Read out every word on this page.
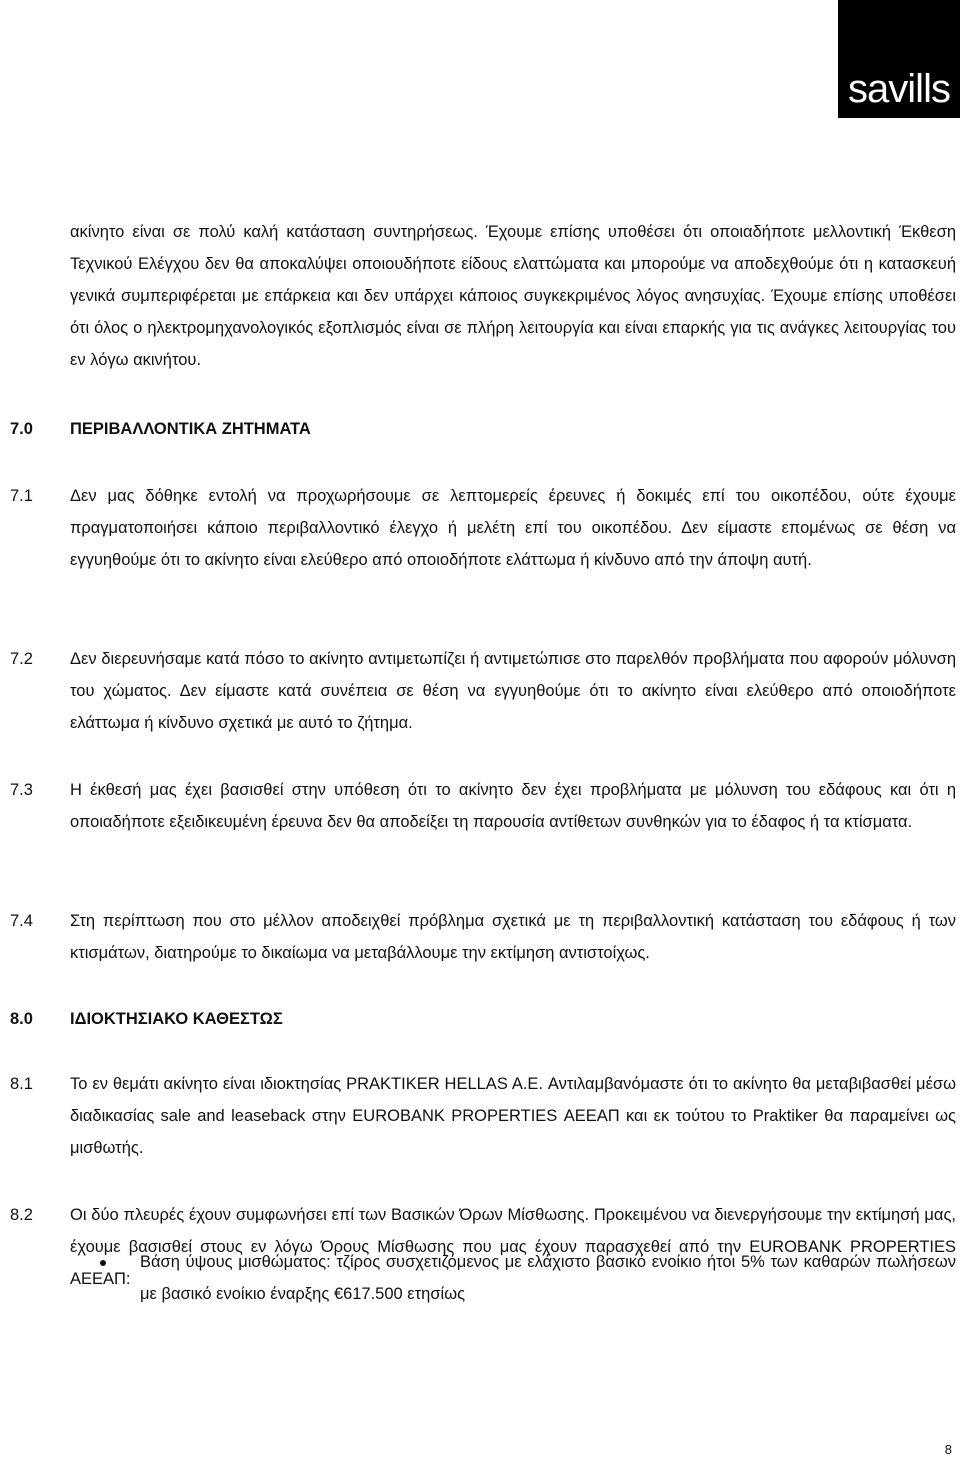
savills

ακίνητο είναι σε πολύ καλή κατάσταση συντηρήσεως. Έχουμε επίσης υποθέσει ότι οποιαδήποτε μελλοντική Έκθεση Τεχνικού Ελέγχου δεν θα αποκαλύψει οποιουδήποτε είδους ελαττώματα και μπορούμε να αποδεχθούμε ότι η κατασκευή γενικά συμπεριφέρεται με επάρκεια και δεν υπάρχει κάποιος συγκεκριμένος λόγος ανησυχίας. Έχουμε επίσης υποθέσει ότι όλος ο ηλεκτρομηχανολογικός εξοπλισμός είναι σε πλήρη λειτουργία και είναι επαρκής για τις ανάγκες λειτουργίας του εν λόγω ακινήτου.

7.0 ΠΕΡΙΒΑΛΛΟΝΤΙΚΑ ΖΗΤΗΜΑΤΑ
7.1 Δεν μας δόθηκε εντολή να προχωρήσουμε σε λεπτομερείς έρευνες ή δοκιμές επί του οικοπέδου, ούτε έχουμε πραγματοποιήσει κάποιο περιβαλλοντικό έλεγχο ή μελέτη επί του οικοπέδου. Δεν είμαστε επομένως σε θέση να εγγυηθούμε ότι το ακίνητο είναι ελεύθερο από οποιοδήποτε ελάττωμα ή κίνδυνο από την άποψη αυτή.
7.2 Δεν διερευνήσαμε κατά πόσο το ακίνητο αντιμετωπίζει ή αντιμετώπισε στο παρελθόν προβλήματα που αφορούν μόλυνση του χώματος. Δεν είμαστε κατά συνέπεια σε θέση να εγγυηθούμε ότι το ακίνητο είναι ελεύθερο από οποιοδήποτε ελάττωμα ή κίνδυνο σχετικά με αυτό το ζήτημα.
7.3 Η έκθεσή μας έχει βασισθεί στην υπόθεση ότι το ακίνητο δεν έχει προβλήματα με μόλυνση του εδάφους και ότι η οποιαδήποτε εξειδικευμένη έρευνα δεν θα αποδείξει τη παρουσία αντίθετων συνθηκών για το έδαφος ή τα κτίσματα.
7.4 Στη περίπτωση που στο μέλλον αποδειχθεί πρόβλημα σχετικά με τη περιβαλλοντική κατάσταση του εδάφους ή των κτισμάτων, διατηρούμε το δικαίωμα να μεταβάλλουμε την εκτίμηση αντιστοίχως.
8.0 ΙΔΙΟΚΤΗΣΙΑΚΟ ΚΑΘΕΣΤΩΣ
8.1 Το εν θεμάτι ακίνητο είναι ιδιοκτησίας PRAKTIKER HELLAS A.E. Αντιλαμβανόμαστε ότι το ακίνητο θα μεταβιβασθεί μέσω διαδικασίας sale and leaseback στην EUROBANK PROPERTIES ΑΕΕΑΠ και εκ τούτου το Praktiker θα παραμείνει ως μισθωτής.
8.2 Οι δύο πλευρές έχουν συμφωνήσει επί των Βασικών Όρων Μίσθωσης. Προκειμένου να διενεργήσουμε την εκτίμησή μας, έχουμε βασισθεί στους εν λόγω Όρους Μίσθωσης που μας έχουν παρασχεθεί από την EUROBANK PROPERTIES ΑΕΕΑΠ:
Βάση ύψους μισθώματος: τζίρος συσχετιζόμενος με ελάχιστο βασικό ενοίκιο ήτοι 5% των καθαρών πωλήσεων με βασικό ενοίκιο έναρξης €617.500 ετησίως
8
